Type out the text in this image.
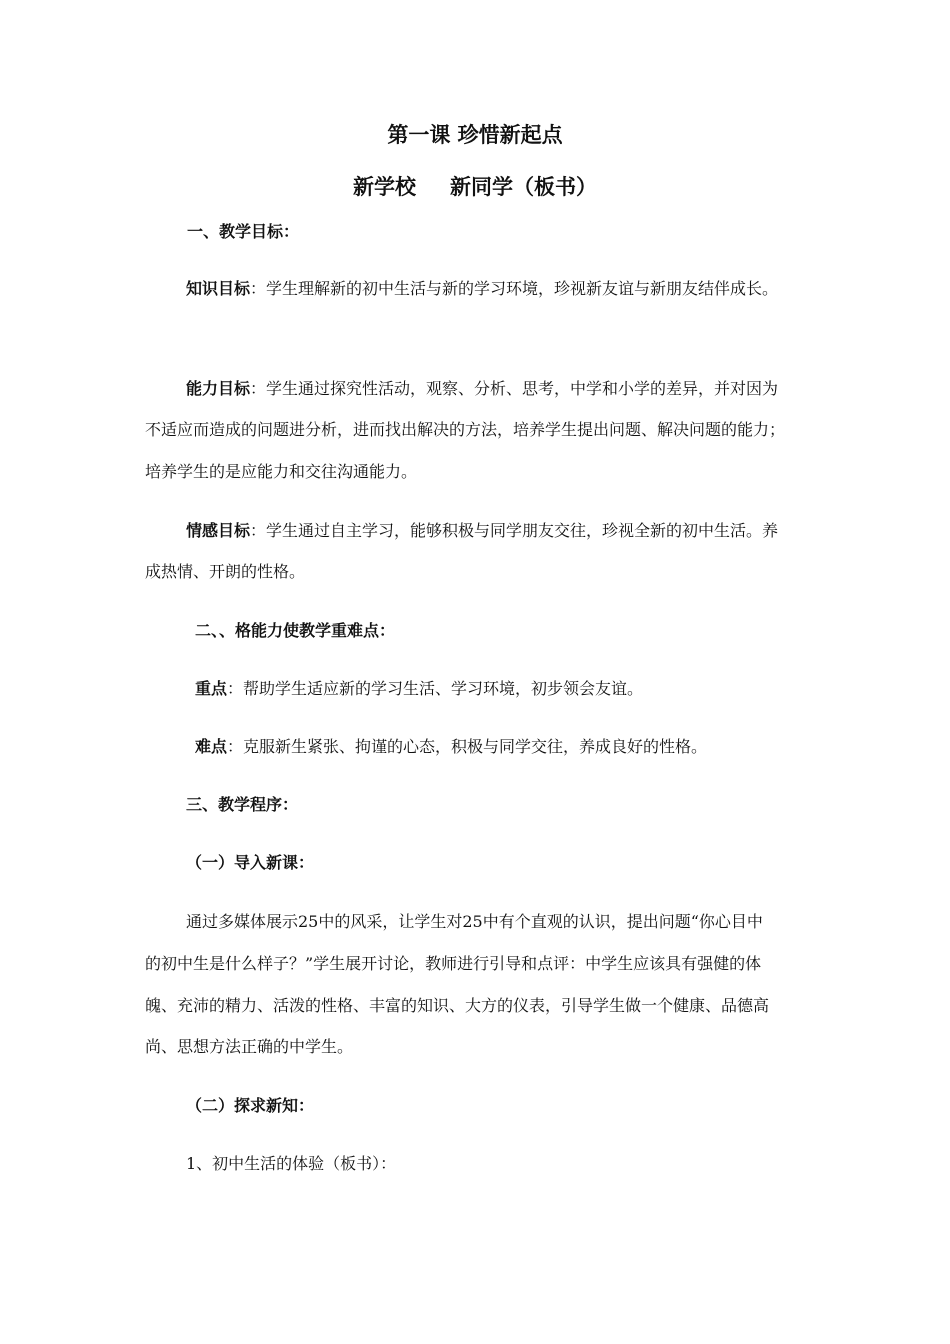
第一课 珍惜新起点
新学校 新同学（板书）
一、教学目标：
知识目标：学生理解新的初中生活与新的学习环境，珍视新友谊与新朋友结伴成长。
能力目标：学生通过探究性活动，观察、分析、思考，中学和小学的差异，并对因为
不适应而造成的问题进分析，进而找出解决的方法，培养学生提出问题、解决问题的能力；
培养学生的是应能力和交往沟通能力。
情感目标：学生通过自主学习，能够积极与同学朋友交往，珍视全新的初中生活。养
成热情、开朗的性格。
二、、格能力使教学重难点：
重点：帮助学生适应新的学习生活、学习环境，初步领会友谊。
难点：克服新生紧张、拘谨的心态，积极与同学交往，养成良好的性格。
三、教学程序：
（一）导入新课：
通过多媒体展示25中的风采，让学生对25中有个直观的认识，提出问题“你心目中
的初中生是什么样子？”学生展开讨论，教师进行引导和点评：中学生应该具有强健的体
魄、充沛的精力、活泼的性格、丰富的知识、大方的仪表，引导学生做一个健康、品德高
尚、思想方法正确的中学生。
（二）探求新知：
1、初中生活的体验（板书）：
